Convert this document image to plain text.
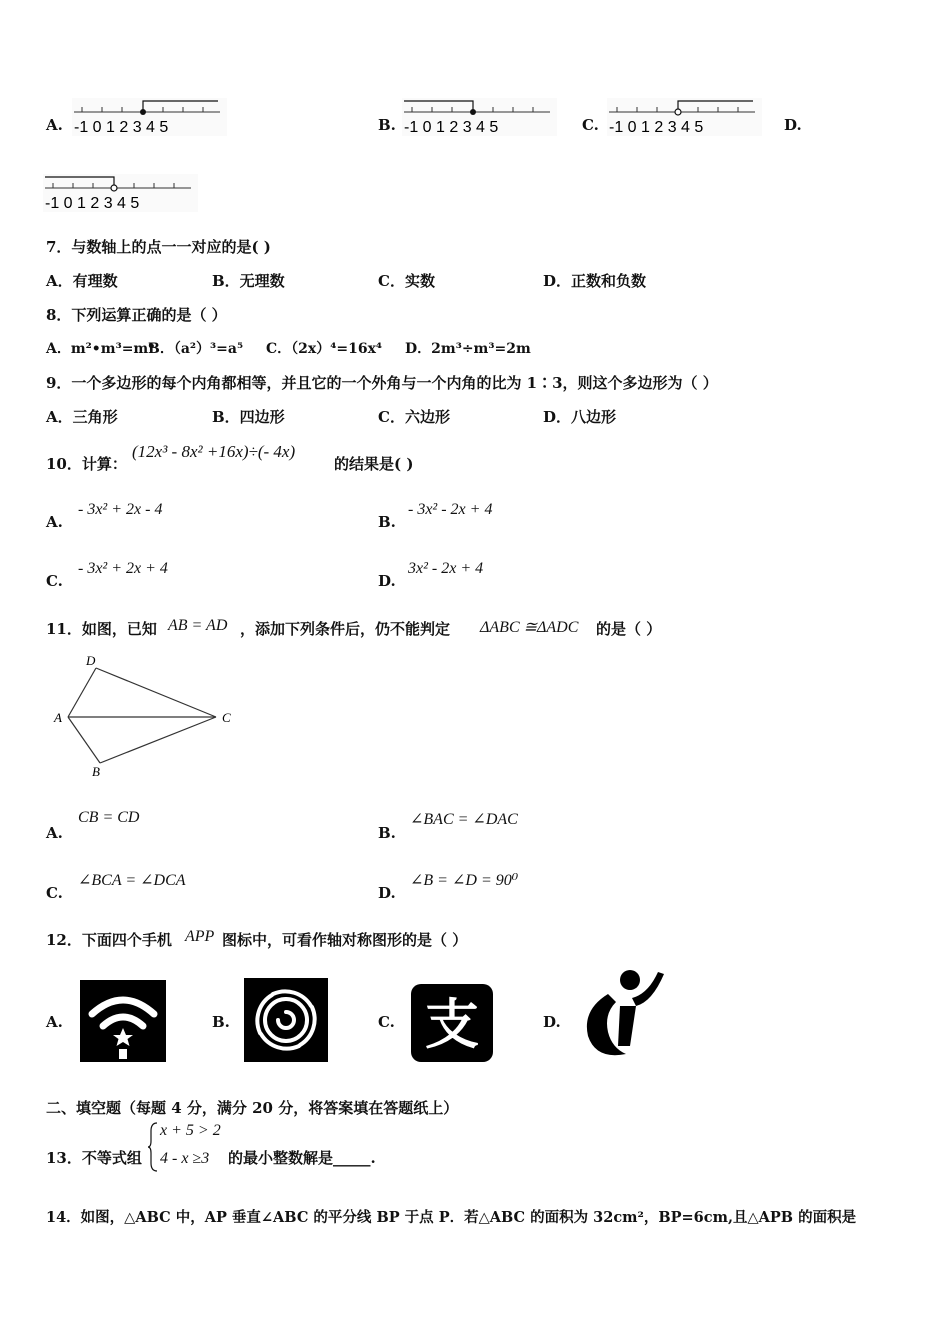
A. -1 0 1 2 3 4 5	B. -1 0 1 2 3 4 5	C. -1 0 1 2 3 4 5	D.
-1 0 1 2 3 4 5
7．与数轴上的点一一对应的是( )
A．有理数	B．无理数	C．实数	D．正数和负数
8．下列运算正确的是（ ）
A．m²•m³=m⁶
B．（a²）³=a⁵ C．（2x）⁴=16x⁴ D．2m³÷m³=2m
9．一个多边形的每个内角都相等，并且它的一个外角与一个内角的比为 1∶3，则这个多边形为（ ）
A．三角形	B．四边形	C．六边形	D．八边形
10．计算：
(12x³ - 8x² +16x)÷(- 4x)
的结果是( )
A.
- 3x² + 2x - 4
B.
- 3x² - 2x + 4
C.
- 3x² + 2x + 4
D.
3x² - 2x + 4
11．如图，已知 AB = AD ，添加下列条件后，仍不能判定 ΔABC ≅ΔADC 的是（ ）
D
A	C
B
A.
CB = CD
B.
∠BAC = ∠DAC
C.
∠BCA = ∠DCA
D.
∠B = ∠D = 90⁰
12．下面四个手机 APP 图标中，可看作轴对称图形的是（ ）
A.	B.	C. 支	D.
二、填空题（每题 4 分，满分 20 分，将答案填在答题纸上）
13．不等式组
x + 5 > 2
4 - x ≥3 的最小整数解是_____.
14．如图，△ABC 中，AP 垂直∠ABC 的平分线 BP 于点 P．若△ABC 的面积为 32cm²，BP=6cm,且△APB 的面积是
